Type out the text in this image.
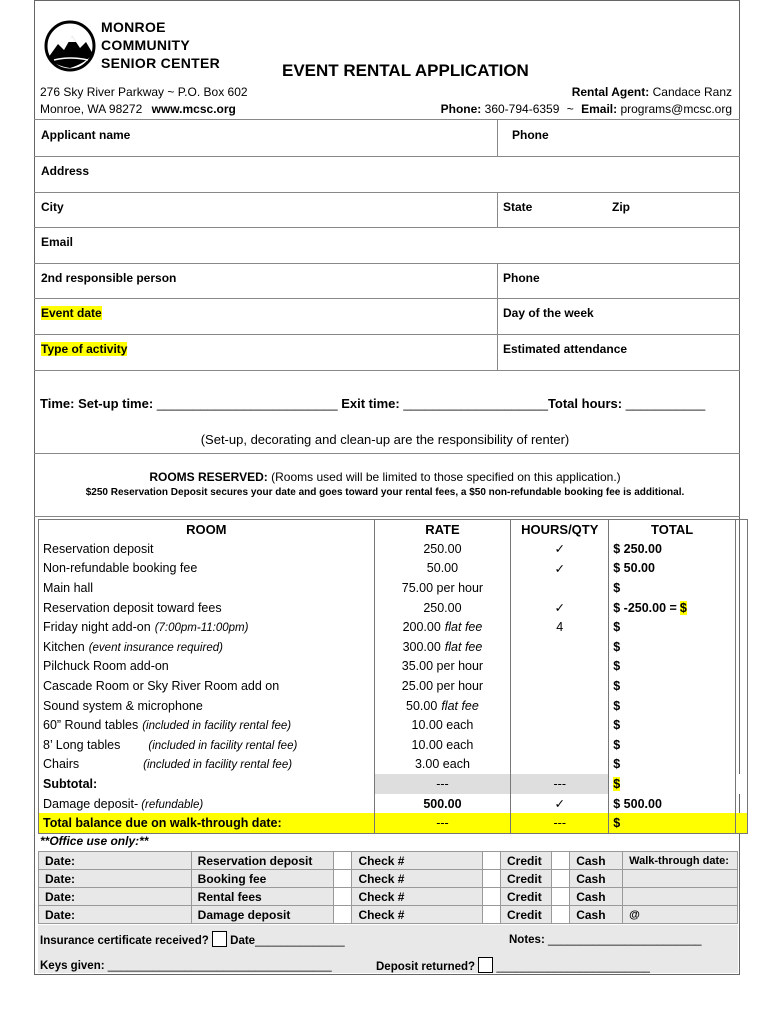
MONROE
COMMUNITY
SENIOR CENTER	EVENT RENTAL APPLICATION
276 Sky River Parkway ~ P.O. Box 602
Monroe, WA 98272 www.mcsc.org
Rental Agent: Candace Ranz
Phone: 360-794-6359 ~ Email: programs@mcsc.org
Applicant name	Phone
Address
City	State	Zip
Email
2nd responsible person	Phone
Event date	Day of the week
Type of activity	Estimated attendance
Time: Set-up time: _________________________ Exit time: ____________________Total hours: ___________
(Set-up, decorating and clean-up are the responsibility of renter)
ROOMS RESERVED: (Rooms used will be limited to those specified on this application.)
$250 Reservation Deposit secures your date and goes toward your rental fees, a $50 non-refundable booking fee is additional.
ROOM	RATE	HOURS/QTY	TOTAL	
Reservation deposit	250.00	✓	$ 250.00	
Non-refundable booking fee	50.00	✓	$ 50.00	
Main hall	75.00 per hour		$	
Reservation deposit toward fees	250.00	✓	$ -250.00 = $	
Friday night add-on (7:00pm-11:00pm)	200.00 flat fee	4	$	
Kitchen (event insurance required)	300.00 flat fee		$	
Pilchuck Room add-on	35.00 per hour		$	
Cascade Room or Sky River Room add on	25.00 per hour		$	
Sound system & microphone	50.00 flat fee		$	
60” Round tables (included in facility rental fee)	10.00 each		$	
8’ Long tables (included in facility rental fee)	10.00 each		$	
Chairs (included in facility rental fee)	3.00 each		$	
Subtotal:	---	---	$	
Damage deposit- (refundable)	500.00	✓	$ 500.00	
Total balance due on walk-through date:	---	---	$	
**Office use only:**
Date:	Reservation deposit		Check #		Credit		Cash	Walk-through date:
Date:	Booking fee		Check #		Credit		Cash	
Date:	Rental fees		Check #		Credit		Cash	
Date:	Damage deposit		Check #		Credit		Cash	@
Insurance certificate received? Date______________	Notes: ________________________
Keys given: ___________________________________	Deposit returned? ________________________
